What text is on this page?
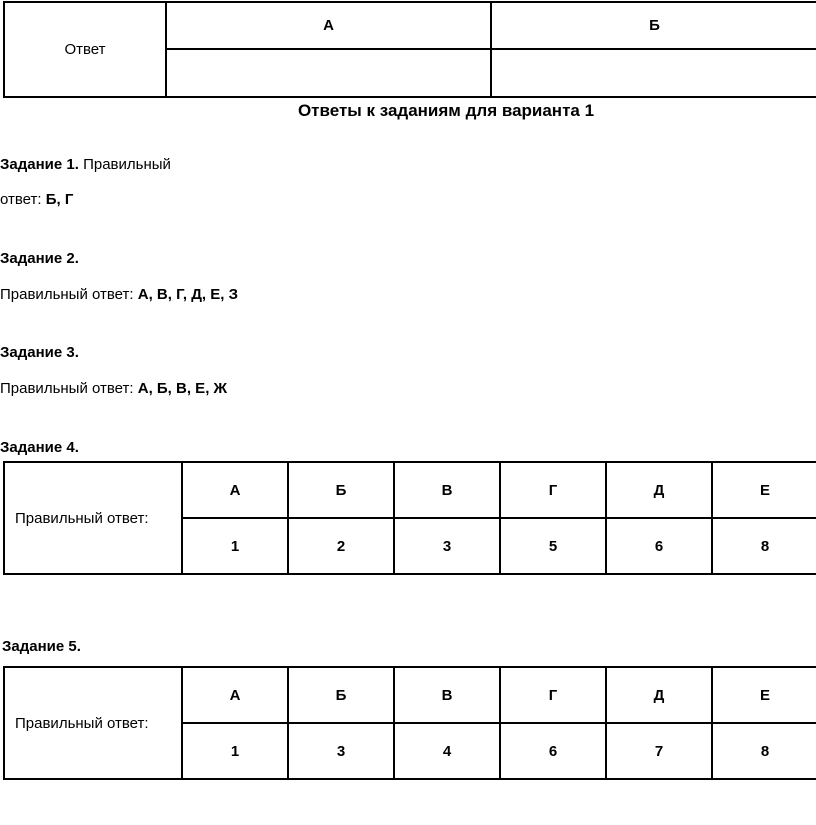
Ответ	А	Б

Ответы к заданиям для варианта 1
Задание 1. Правильный
ответ: Б, Г
Задание 2.
Правильный ответ: А, В, Г, Д, Е, З
Задание 3.
Правильный ответ: А, Б, В, Е, Ж
Задание 4.
Правильный ответ:	А	Б	В	Г	Д	Е
	1	2	3	5	6	8
Задание 5.
Правильный ответ:	А	Б	В	Г	Д	Е
	1	3	4	6	7	8
